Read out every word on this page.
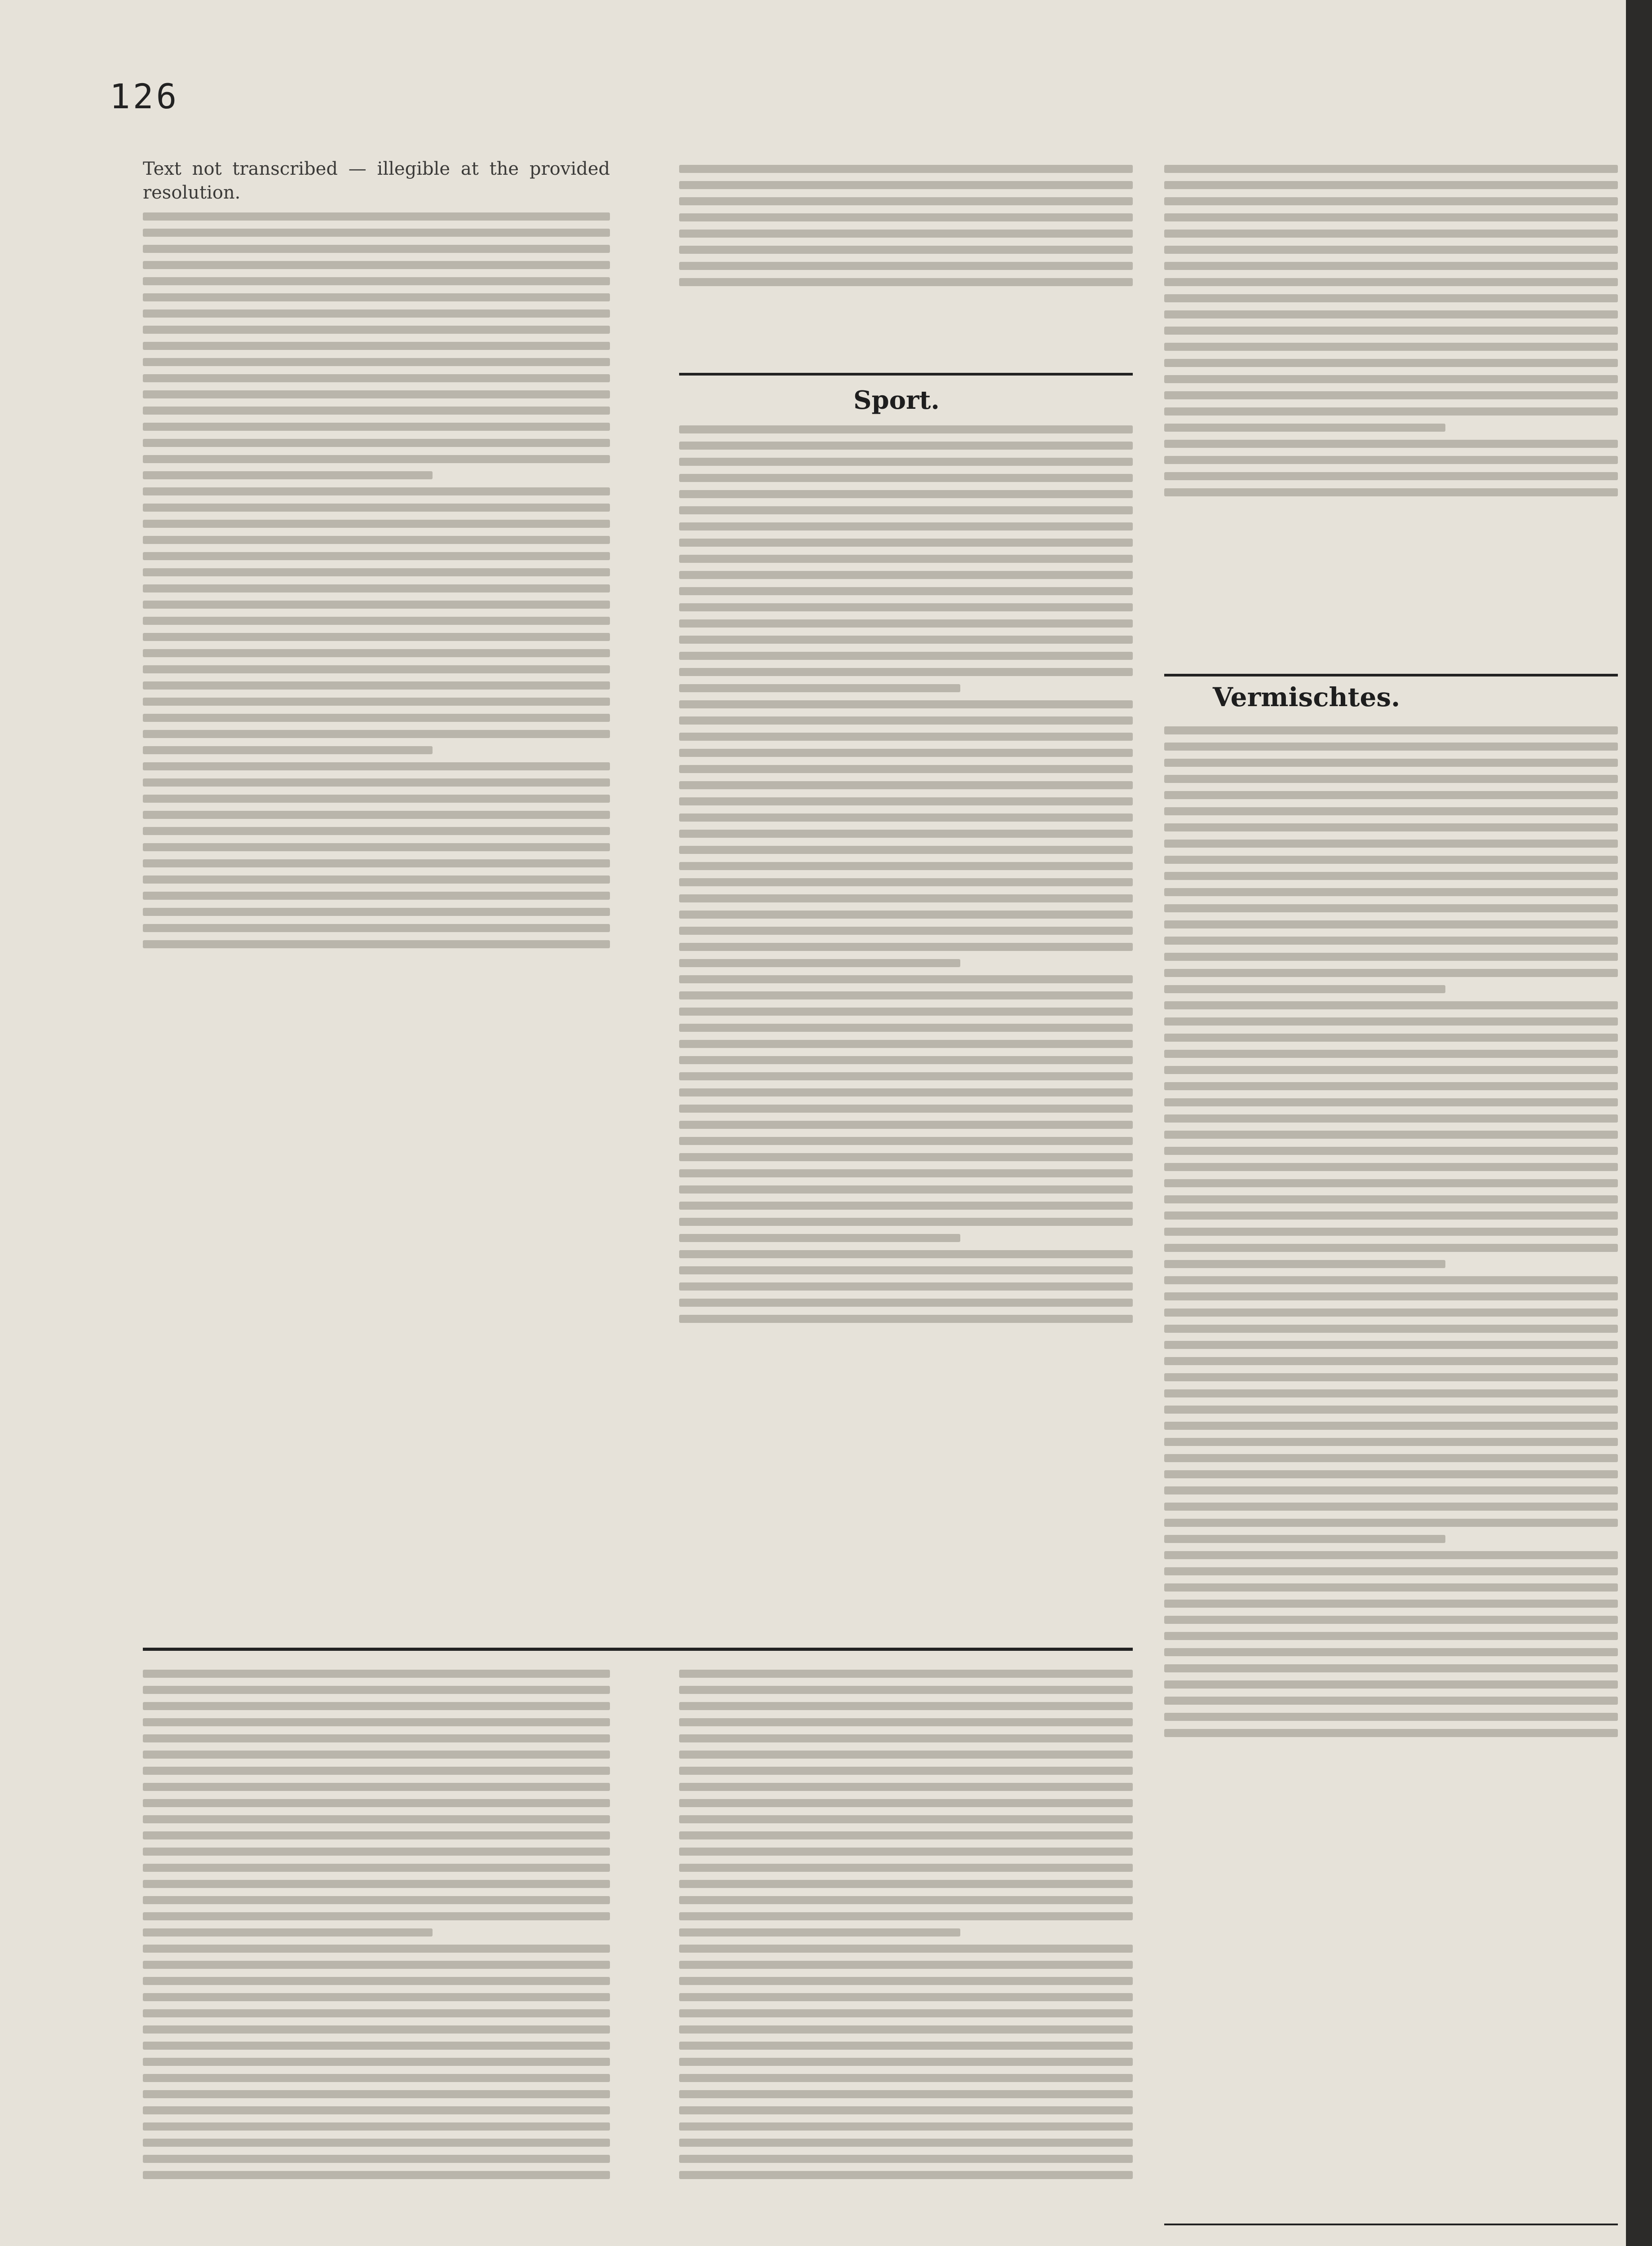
126

Text not transcribed — illegible at the provided resolution.

Sport.
Vermischtes.
